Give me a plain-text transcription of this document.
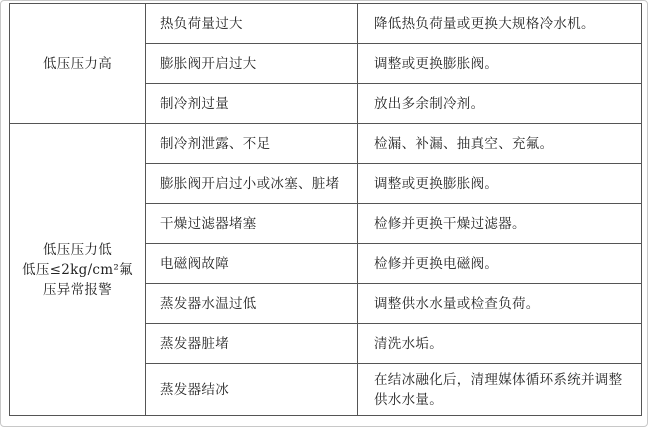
低压压力高	热负荷量过大	降低热负荷量或更换大规格冷水机。
	膨胀阀开启过大	调整或更换膨胀阀。
	制冷剂过量	放出多余制冷剂。

低压压力低
低压≤2kg/cm²氟
压异常报警	制冷剂泄露、不足	检漏、补漏、抽真空、充氟。
	膨胀阀开启过小或冰塞、脏堵	调整或更换膨胀阀。
	干燥过滤器堵塞	检修并更换干燥过滤器。
	电磁阀故障	检修并更换电磁阀。
	蒸发器水温过低	调整供水水量或检查负荷。
	蒸发器脏堵	清洗水垢。
	蒸发器结冰	在结冰融化后，清理媒体循环系统并调整供水水量。
